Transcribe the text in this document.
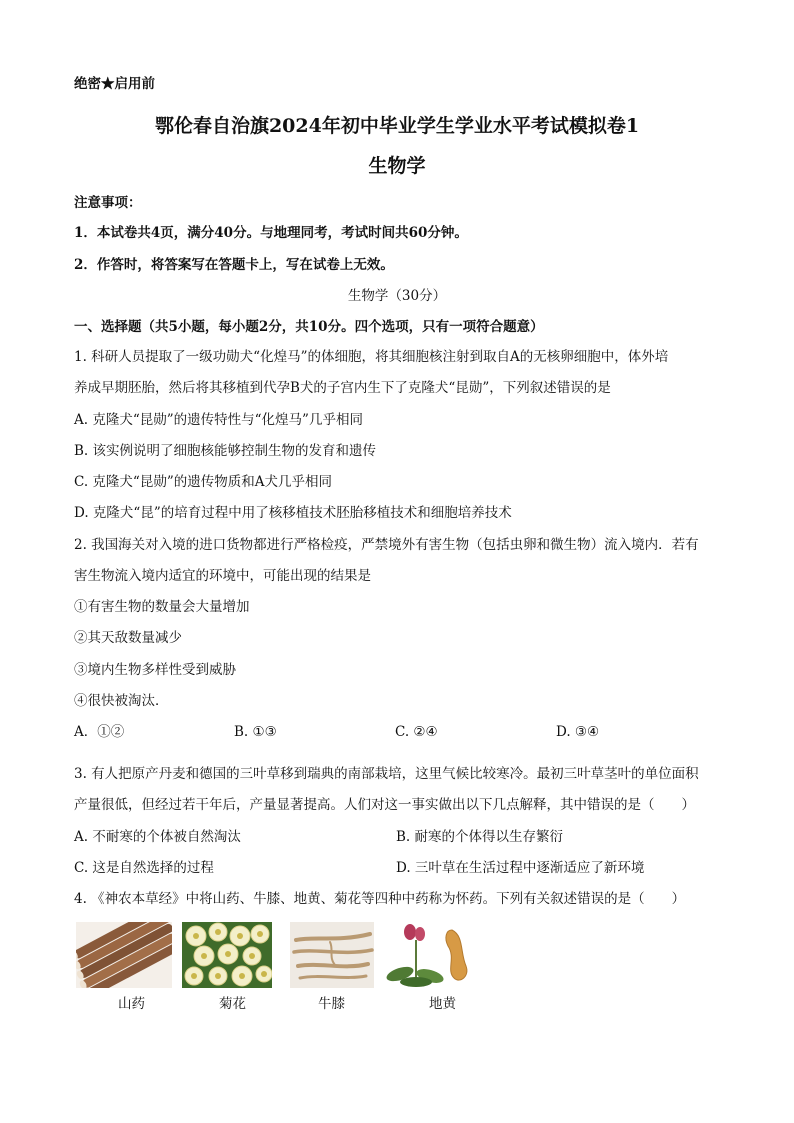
绝密★启用前
鄂伦春自治旗2024年初中毕业学生学业水平考试模拟卷1
生物学
注意事项：
1．本试卷共4页，满分40分。与地理同考，考试时间共60分钟。
2．作答时，将答案写在答题卡上，写在试卷上无效。
生物学（30分）
一、选择题（共5小题，每小题2分，共10分。四个选项，只有一项符合题意）
1. 科研人员提取了一级功勋犬“化煌马”的体细胞，将其细胞核注射到取自A的无核卵细胞中，体外培
养成早期胚胎，然后将其移植到代孕B犬的子宫内生下了克隆犬“昆勋”，下列叙述错误的是
A. 克隆犬“昆勋”的遗传特性与“化煌马”几乎相同
B. 该实例说明了细胞核能够控制生物的发育和遗传
C. 克隆犬“昆勋”的遗传物质和A犬几乎相同
D. 克隆犬“昆”的培育过程中用了核移植技术胚胎移植技术和细胞培养技术
2. 我国海关对入境的进口货物都进行严格检疫，严禁境外有害生物（包括虫卵和微生物）流入境内．若有
害生物流入境内适宜的环境中，可能出现的结果是
①有害生物的数量会大量增加
②其天敌数量减少
③境内生物多样性受到威胁
④很快被淘汰．
A．①②	B. ①③	C. ②④	D. ③④
3. 有人把原产丹麦和德国的三叶草移到瑞典的南部栽培，这里气候比较寒冷。最初三叶草茎叶的单位面积
产量很低，但经过若干年后，产量显著提高。人们对这一事实做出以下几点解释，其中错误的是（　　）
A. 不耐寒的个体被自然淘汰	B. 耐寒的个体得以生存繁衍
C. 这是自然选择的过程	D. 三叶草在生活过程中逐渐适应了新环境
4. 《神农本草经》中将山药、牛膝、地黄、菊花等四种中药称为怀药。下列有关叙述错误的是（　　）
山药	菊花	牛膝	地黄
